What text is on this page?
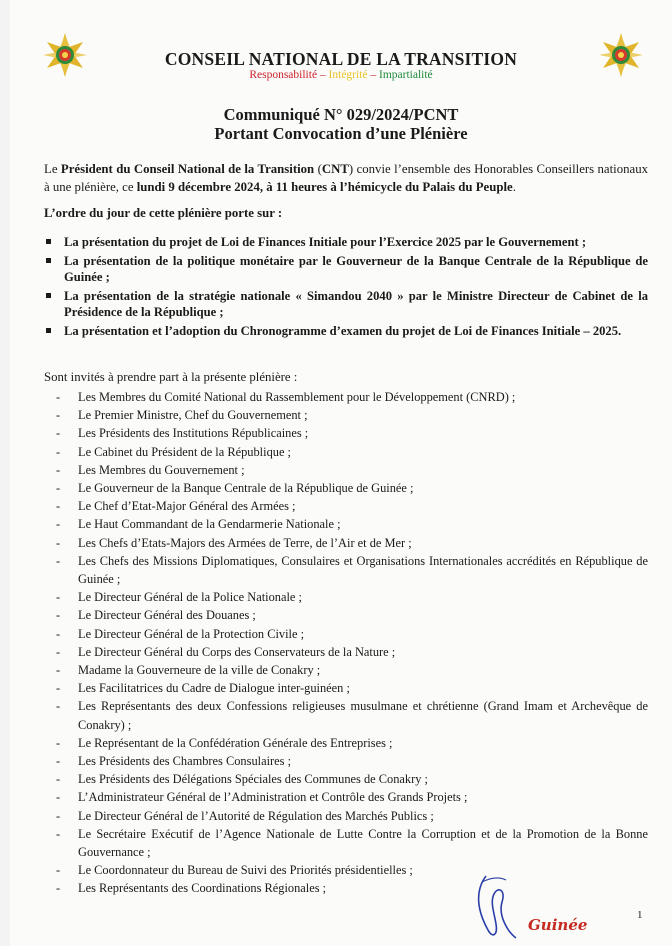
CONSEIL NATIONAL DE LA TRANSITION
Responsabilité – Intégrité – Impartialité
Communiqué N° 029/2024/PCNT
Portant Convocation d’une Plénière
Le Président du Conseil National de la Transition (CNT) convie l’ensemble des Honorables Conseillers nationaux à une plénière, ce lundi 9 décembre 2024, à 11 heures à l’hémicycle du Palais du Peuple.
L’ordre du jour de cette plénière porte sur :
La présentation du projet de Loi de Finances Initiale pour l’Exercice 2025 par le Gouvernement ;
La présentation de la politique monétaire par le Gouverneur de la Banque Centrale de la République de Guinée ;
La présentation de la stratégie nationale « Simandou 2040 » par le Ministre Directeur de Cabinet de la Présidence de la République ;
La présentation et l’adoption du Chronogramme d’examen du projet de Loi de Finances Initiale – 2025.
Sont invités à prendre part à la présente plénière :
- Les Membres du Comité National du Rassemblement pour le Développement (CNRD) ;
- Le Premier Ministre, Chef du Gouvernement ;
- Les Présidents des Institutions Républicaines ;
- Le Cabinet du Président de la République ;
- Les Membres du Gouvernement ;
- Le Gouverneur de la Banque Centrale de la République de Guinée ;
- Le Chef d’Etat-Major Général des Armées ;
- Le Haut Commandant de la Gendarmerie Nationale ;
- Les Chefs d’Etats-Majors des Armées de Terre, de l’Air et de Mer ;
- Les Chefs des Missions Diplomatiques, Consulaires et Organisations Internationales accrédités en République de Guinée ;
- Le Directeur Général de la Police Nationale ;
- Le Directeur Général des Douanes ;
- Le Directeur Général de la Protection Civile ;
- Le Directeur Général du Corps des Conservateurs de la Nature ;
- Madame la Gouverneure de la ville de Conakry ;
- Les Facilitatrices du Cadre de Dialogue inter-guinéen ;
- Les Représentants des deux Confessions religieuses musulmane et chrétienne (Grand Imam et Archevêque de Conakry) ;
- Le Représentant de la Confédération Générale des Entreprises ;
- Les Présidents des Chambres Consulaires ;
- Les Présidents des Délégations Spéciales des Communes de Conakry ;
- L’Administrateur Général de l’Administration et Contrôle des Grands Projets ;
- Le Directeur Général de l’Autorité de Régulation des Marchés Publics ;
- Le Secrétaire Exécutif de l’Agence Nationale de Lutte Contre la Corruption et de la Promotion de la Bonne Gouvernance ;
- Le Coordonnateur du Bureau de Suivi des Priorités présidentielles ;
- Les Représentants des Coordinations Régionales ;
Guinée
1
